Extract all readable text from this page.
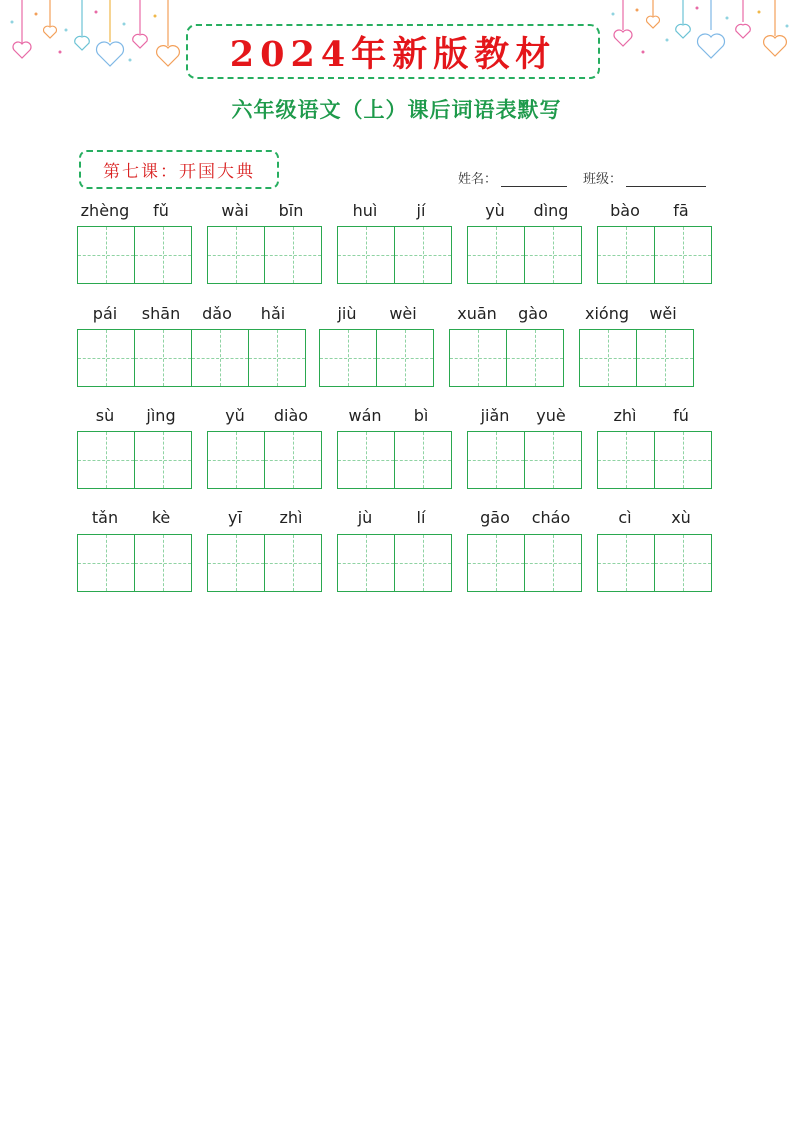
2024年新版教材
六年级语文（上）课后词语表默写
第七课：开国大典	姓名：	班级：
zhèng	fǔ	wài	bīn	huì	jí	yù	dìng	bào	fā
pái	shān	dǎo	hǎi	jiù	wèi	xuān	gào	xióng	wěi
sù	jìng	yǔ	diào	wán	bì	jiǎn	yuè	zhì	fú
tǎn	kè	yī	zhì	jù	lí	gāo	cháo	cì	xù
